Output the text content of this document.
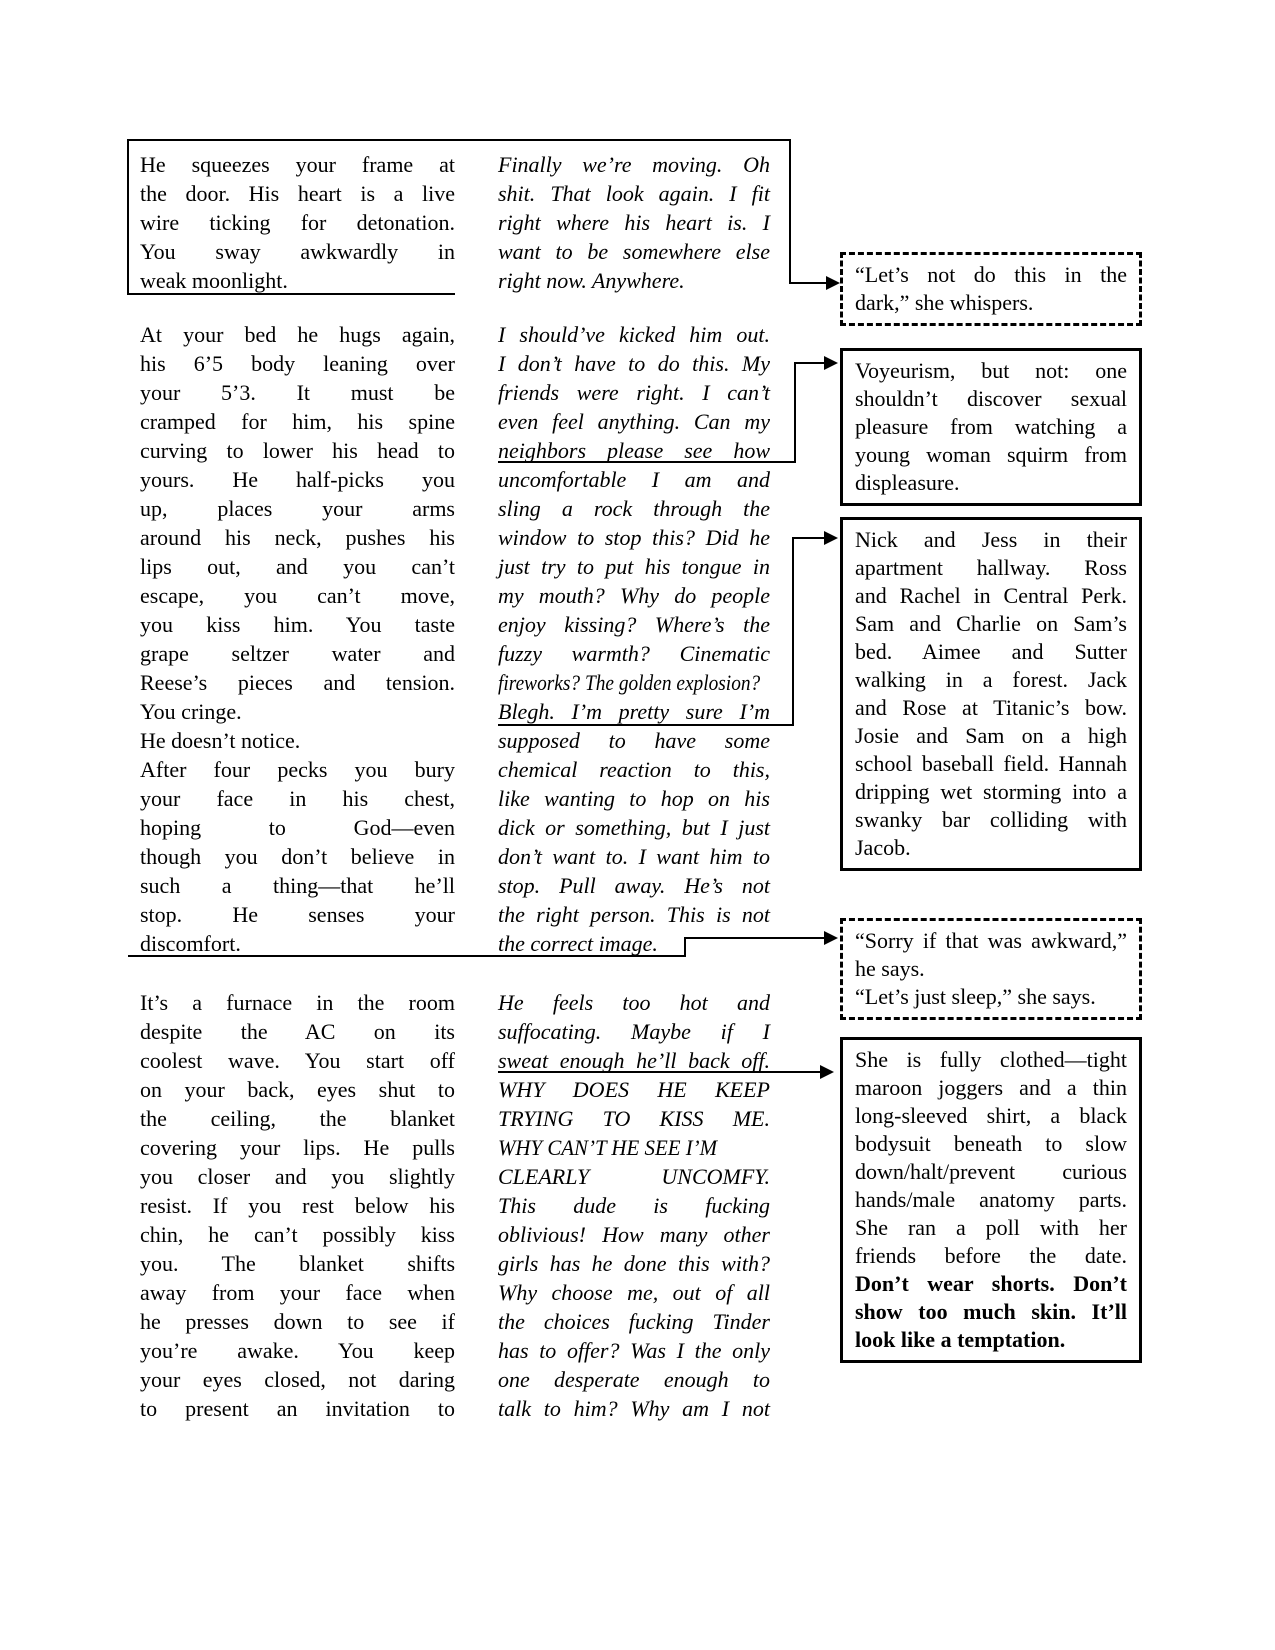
He squeezes your frame at
the door. His heart is a live
wire ticking for detonation.
You sway awkwardly in
weak moonlight.
At your bed he hugs again,
his 6’5 body leaning over
your 5’3. It must be
cramped for him, his spine
curving to lower his head to
yours. He half-picks you
up, places your arms
around his neck, pushes his
lips out, and you can’t
escape, you can’t move,
you kiss him. You taste
grape seltzer water and
Reese’s pieces and tension.
You cringe.
He doesn’t notice.
After four pecks you bury
your face in his chest,
hoping to God—even
though you don’t believe in
such a thing—that he’ll
stop. He senses your
discomfort.
It’s a furnace in the room
despite the AC on its
coolest wave. You start off
on your back, eyes shut to
the ceiling, the blanket
covering your lips. He pulls
you closer and you slightly
resist. If you rest below his
chin, he can’t possibly kiss
you. The blanket shifts
away from your face when
he presses down to see if
you’re awake. You keep
your eyes closed, not daring
to present an invitation to
Finally we’re moving. Oh
shit. That look again. I fit
right where his heart is. I
want to be somewhere else
right now. Anywhere.
I should’ve kicked him out.
I don’t have to do this. My
friends were right. I can’t
even feel anything. Can my
neighbors please see how
uncomfortable I am and
sling a rock through the
window to stop this? Did he
just try to put his tongue in
my mouth? Why do people
enjoy kissing? Where’s the
fuzzy warmth? Cinematic
fireworks? The golden explosion?
Blegh. I’m pretty sure I’m
supposed to have some
chemical reaction to this,
like wanting to hop on his
dick or something, but I just
don’t want to. I want him to
stop. Pull away. He’s not
the right person. This is not
the correct image.
He feels too hot and
suffocating. Maybe if I
sweat enough he’ll back off.
WHY DOES HE KEEP
TRYING TO KISS ME.
WHY CAN’T HE SEE I’M
CLEARLY UNCOMFY.
This dude is fucking
oblivious! How many other
girls has he done this with?
Why choose me, out of all
the choices fucking Tinder
has to offer? Was I the only
one desperate enough to
talk to him? Why am I not
“Let’s not do this in the
dark,” she whispers.
Voyeurism, but not: one
shouldn’t discover sexual
pleasure from watching a
young woman squirm from
displeasure.
Nick and Jess in their
apartment hallway. Ross
and Rachel in Central Perk.
Sam and Charlie on Sam’s
bed. Aimee and Sutter
walking in a forest. Jack
and Rose at Titanic’s bow.
Josie and Sam on a high
school baseball field. Hannah
dripping wet storming into a
swanky bar colliding with
Jacob.
“Sorry if that was awkward,”
he says.
“Let’s just sleep,” she says.
She is fully clothed—tight
maroon joggers and a thin
long-sleeved shirt, a black
bodysuit beneath to slow
down/halt/prevent curious
hands/male anatomy parts.
She ran a poll with her
friends before the date.
Don’t wear shorts. Don’t
show too much skin. It’ll
look like a temptation.
